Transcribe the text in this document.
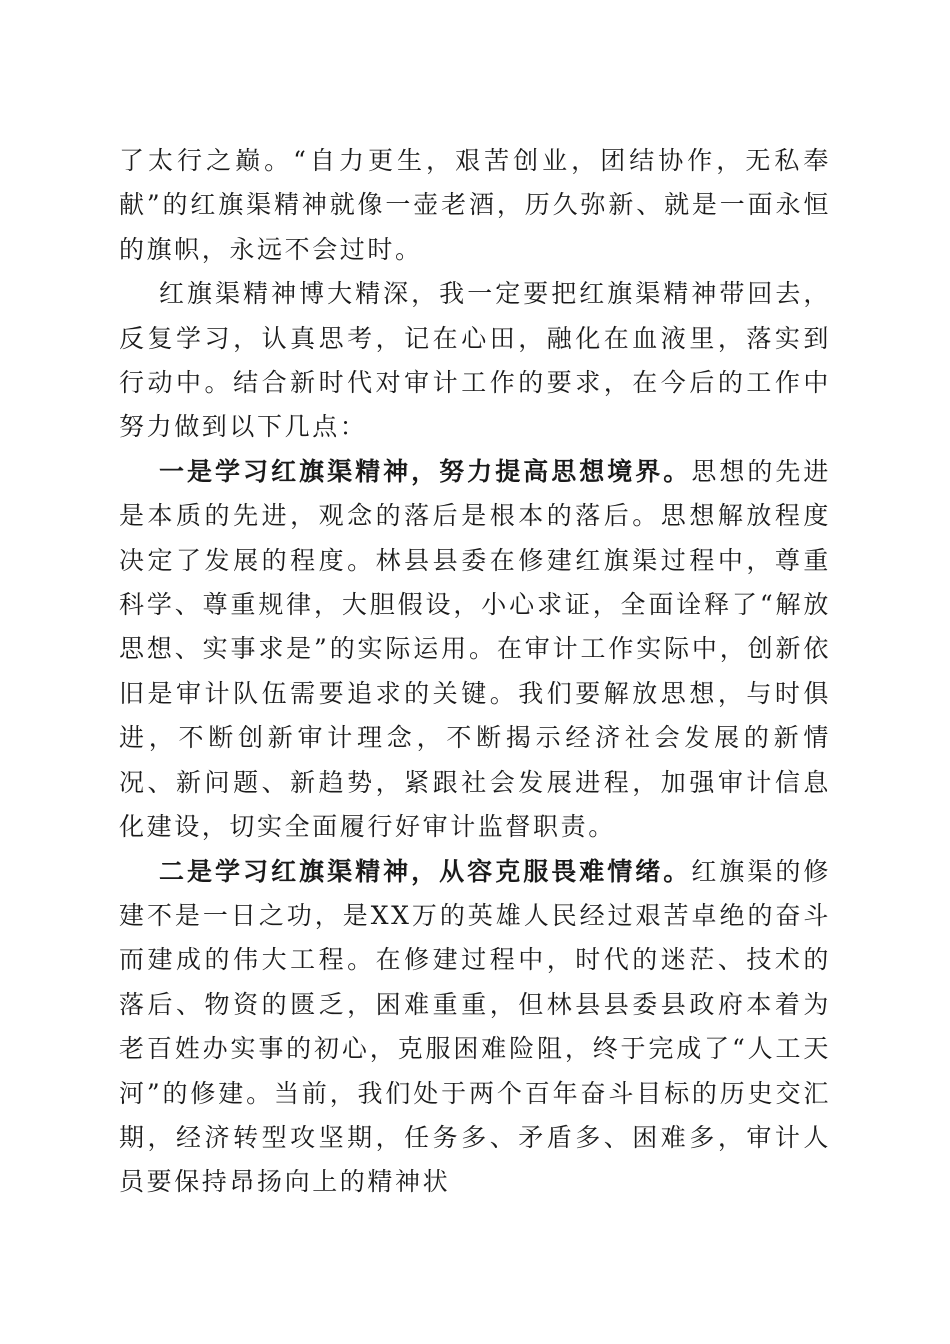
了太行之巅。“自力更生，艰苦创业，团结协作，无私奉献”的红旗渠精神就像一壶老酒，历久弥新、就是一面永恒的旗帜，永远不会过时。

红旗渠精神博大精深，我一定要把红旗渠精神带回去，反复学习，认真思考，记在心田，融化在血液里，落实到行动中。结合新时代对审计工作的要求，在今后的工作中努力做到以下几点：

一是学习红旗渠精神，努力提高思想境界。思想的先进是本质的先进，观念的落后是根本的落后。思想解放程度决定了发展的程度。林县县委在修建红旗渠过程中，尊重科学、尊重规律，大胆假设，小心求证，全面诠释了“解放思想、实事求是”的实际运用。在审计工作实际中，创新依旧是审计队伍需要追求的关键。我们要解放思想，与时俱进，不断创新审计理念，不断揭示经济社会发展的新情况、新问题、新趋势，紧跟社会发展进程，加强审计信息化建设，切实全面履行好审计监督职责。

二是学习红旗渠精神，从容克服畏难情绪。红旗渠的修建不是一日之功，是XX万的英雄人民经过艰苦卓绝的奋斗而建成的伟大工程。在修建过程中，时代的迷茫、技术的落后、物资的匮乏，困难重重，但林县县委县政府本着为老百姓办实事的初心，克服困难险阻，终于完成了“人工天河”的修建。当前，我们处于两个百年奋斗目标的历史交汇期，经济转型攻坚期，任务多、矛盾多、困难多，审计人员要保持昂扬向上的精神状
